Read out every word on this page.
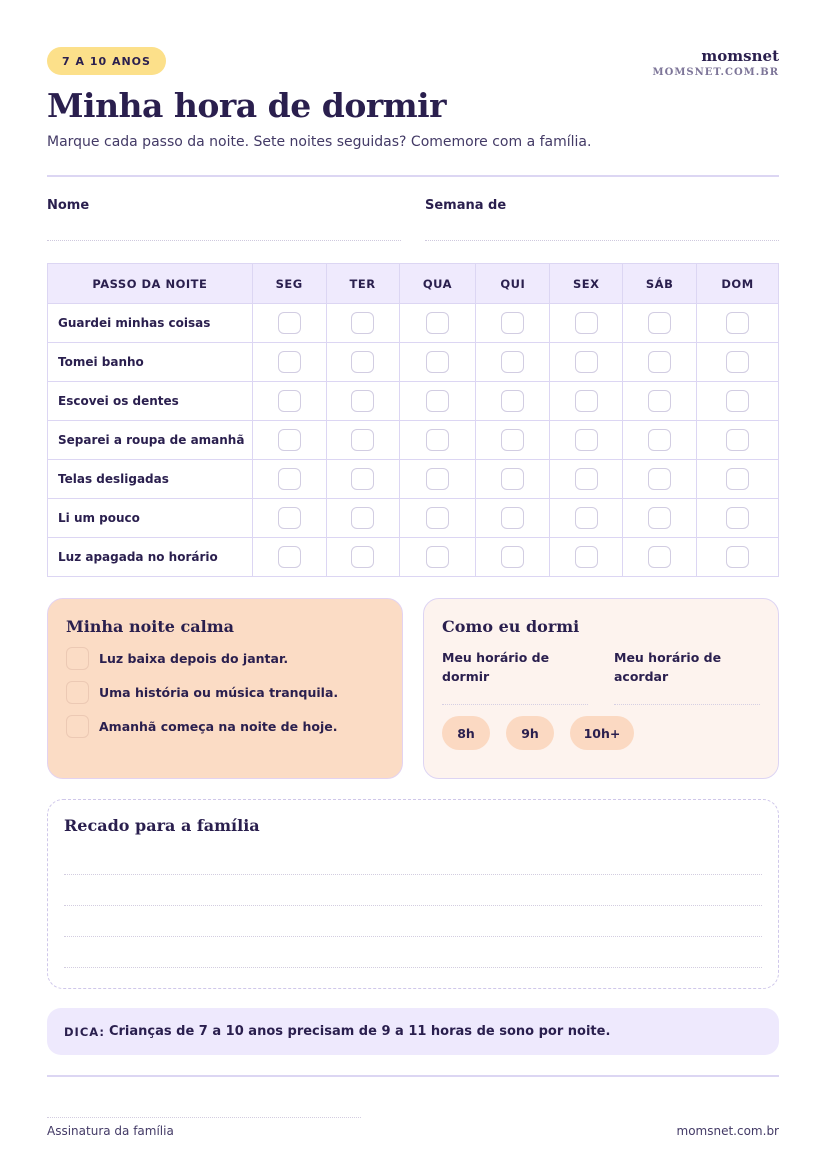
7 A 10 ANOS	momsnet
MOMSNET.COM.BR
Minha hora de dormir

Marque cada passo da noite. Sete noites seguidas? Comemore com a família.

Nome	Semana de
PASSO DA NOITE	SEG	TER	QUA	QUI	SEX	SÁB	DOM
Guardei minhas coisas							
Tomei banho							
Escovei os dentes							
Separei a roupa de amanhã							
Telas desligadas							
Li um pouco							
Luz apagada no horário							
Minha noite calma
Luz baixa depois do jantar.
Uma história ou música tranquila.
Amanhã começa na noite de hoje.
Como eu dormi
Meu horário de dormir
Meu horário de acordar
8h	9h	10h+
Recado para a família
DICA: Crianças de 7 a 10 anos precisam de 9 a 11 horas de sono por noite.
Assinatura da família	momsnet.com.br
